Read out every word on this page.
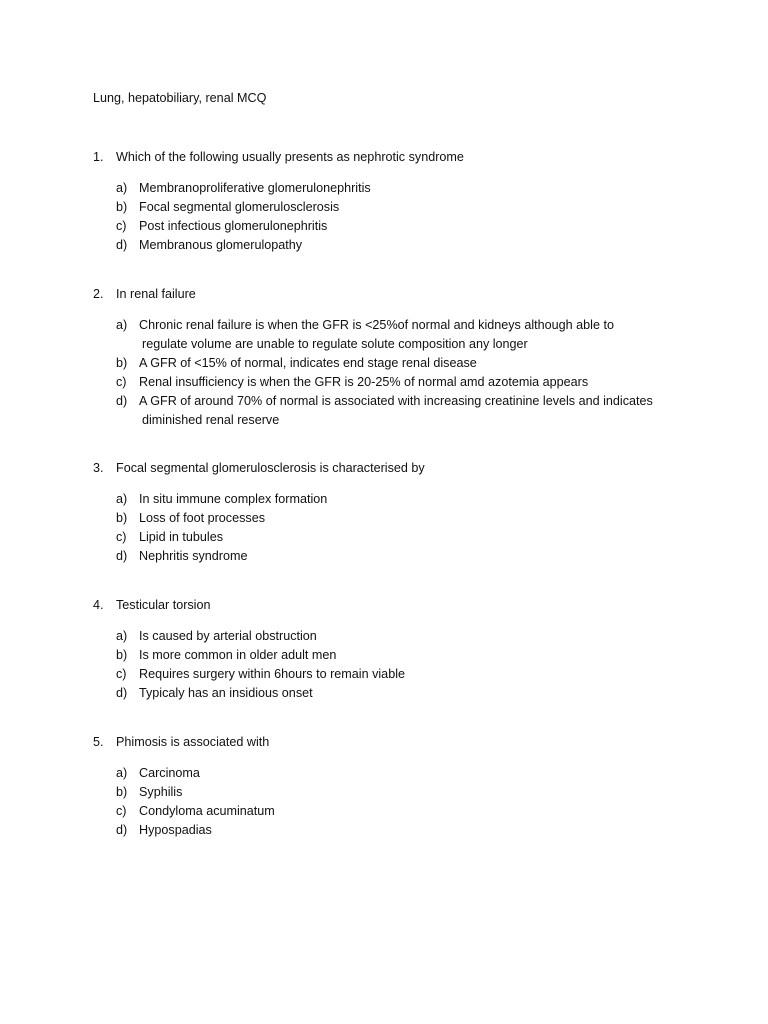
Lung, hepatobiliary, renal MCQ
1. Which of the following usually presents as nephrotic syndrome
a) Membranoproliferative glomerulonephritis
b) Focal segmental glomerulosclerosis
c) Post infectious glomerulonephritis
d) Membranous glomerulopathy
2. In renal failure
a) Chronic renal failure is when the GFR is <25%of normal and kidneys although able to
regulate volume are unable to regulate solute composition any longer
b) A GFR of <15% of normal, indicates end stage renal disease
c) Renal insufficiency is when the GFR is 20-25% of normal amd azotemia appears
d) A GFR of around 70% of normal is associated with increasing creatinine levels and indicates
diminished renal reserve
3. Focal segmental glomerulosclerosis is characterised by
a) In situ immune complex formation
b) Loss of foot processes
c) Lipid in tubules
d) Nephritis syndrome
4. Testicular torsion
a) Is caused by arterial obstruction
b) Is more common in older adult men
c) Requires surgery within 6hours to remain viable
d) Typicaly has an insidious onset
5. Phimosis is associated with
a) Carcinoma
b) Syphilis
c) Condyloma acuminatum
d) Hypospadias
